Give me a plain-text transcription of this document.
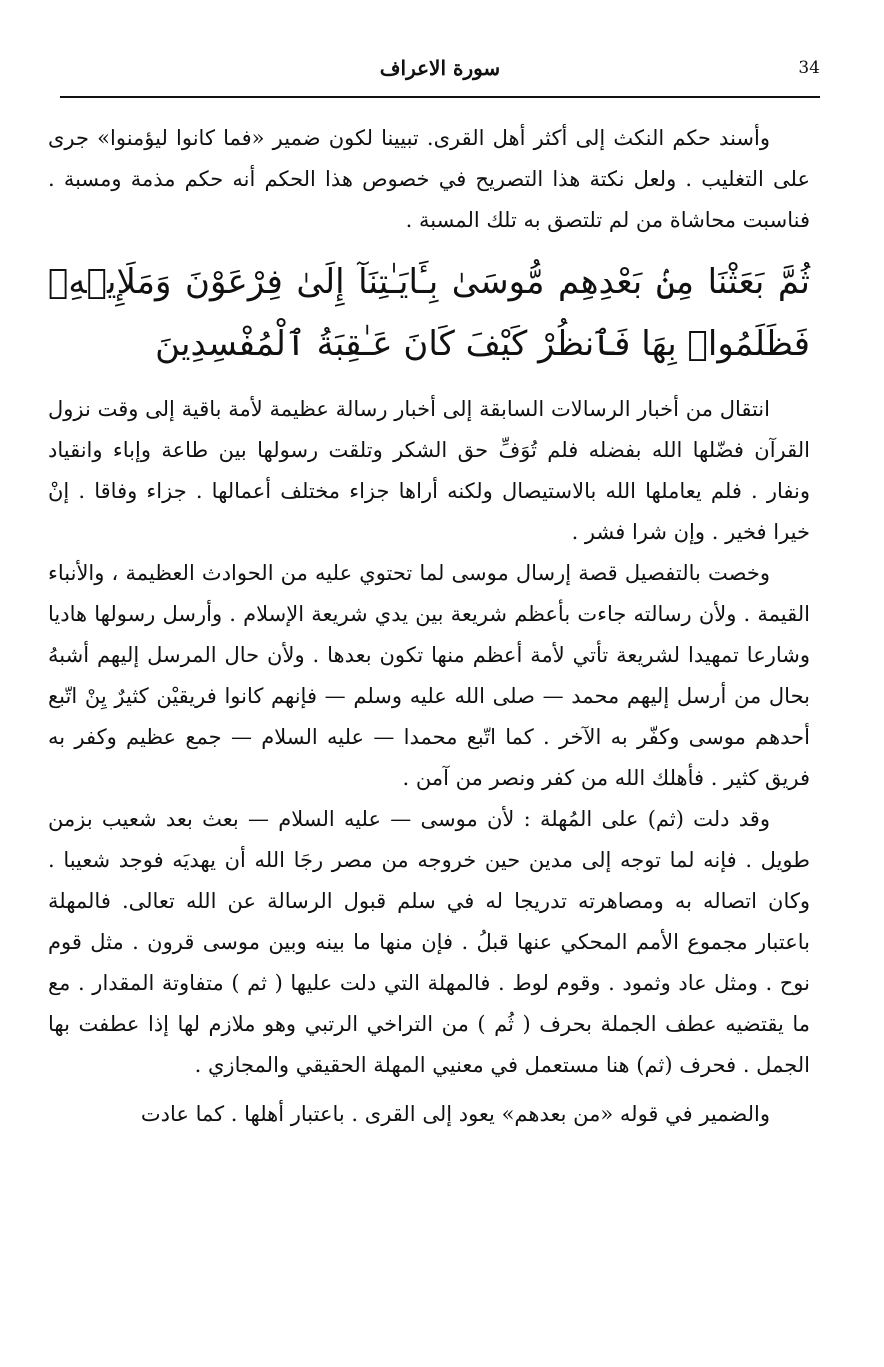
سورة الاعراف	34

وأسند حكم النكث إلى أكثر أهل القرى. تبيينا لكون ضمير «فما كانوا ليؤمنوا» جرى على التغليب . ولعل نكتة هذا التصريح في خصوص هذا الحكم أنه حكم مذمة ومسبة . فناسبت محاشاة من لم تلتصق به تلك المسبة .

ثُمَّ بَعَثْنَا مِنۢ بَعْدِهِم مُّوسَىٰ بِـَٔايَـٰتِنَآ إِلَىٰ فِرْعَوْنَ وَمَلَإِي۟هِۦ فَظَلَمُوا۟ بِهَا فَٱنظُرْ كَيْفَ كَانَ عَـٰقِبَةُ ٱلْمُفْسِدِينَ

انتقال من أخبار الرسالات السابقة إلى أخبار رسالة عظيمة لأمة باقية إلى وقت نزول القرآن فضّلها الله بفضله فلم تُوَفِّ حق الشكر وتلقت رسولها بين طاعة وإباء وانقياد ونفار . فلم يعاملها الله بالاستيصال ولكنه أراها جزاء مختلف أعمالها . جزاء وفاقا . إنْ خيرا فخير . وإن شرا فشر .

وخصت بالتفصيل قصة إرسال موسى لما تحتوي عليه من الحوادث العظيمة ، والأنباء القيمة . ولأن رسالته جاءت بأعظم شريعة بين يدي شريعة الإسلام . وأرسل رسولها هاديا وشارعا تمهيدا لشريعة تأتي لأمة أعظم منها تكون بعدها . ولأن حال المرسل إليهم أشبهُ بحال من أرسل إليهم محمد — صلى الله عليه وسلم — فإنهم كانوا فريقيْن كثيرٌ يِنْ اتّبع أحدهم موسى وكفّر به الآخر . كما اتّبع محمدا — عليه السلام — جمع عظيم وكفر به فريق كثير . فأهلك الله من كفر ونصر من آمن .

وقد دلت (ثم) على المُهلة : لأن موسى — عليه السلام — بعث بعد شعيب بزمن طويل . فإنه لما توجه إلى مدين حين خروجه من مصر رجَا الله أن يهديَه فوجد شعيبا . وكان اتصاله به ومصاهرته تدريجا له في سلم قبول الرسالة عن الله تعالى. فالمهلة باعتبار مجموع الأمم المحكي عنها قبلُ . فإن منها ما بينه وبين موسى قرون . مثل قوم نوح . ومثل عاد وثمود . وقوم لوط . فالمهلة التي دلت عليها ( ثم ) متفاوتة المقدار . مع ما يقتضيه عطف الجملة بحرف ( ثُم ) من التراخي الرتبي وهو ملازم لها إذا عطفت بها الجمل . فحرف (ثم) هنا مستعمل في معنيي المهلة الحقيقي والمجازي .

والضمير في قوله «من بعدهم» يعود إلى القرى . باعتبار أهلها . كما عادت
